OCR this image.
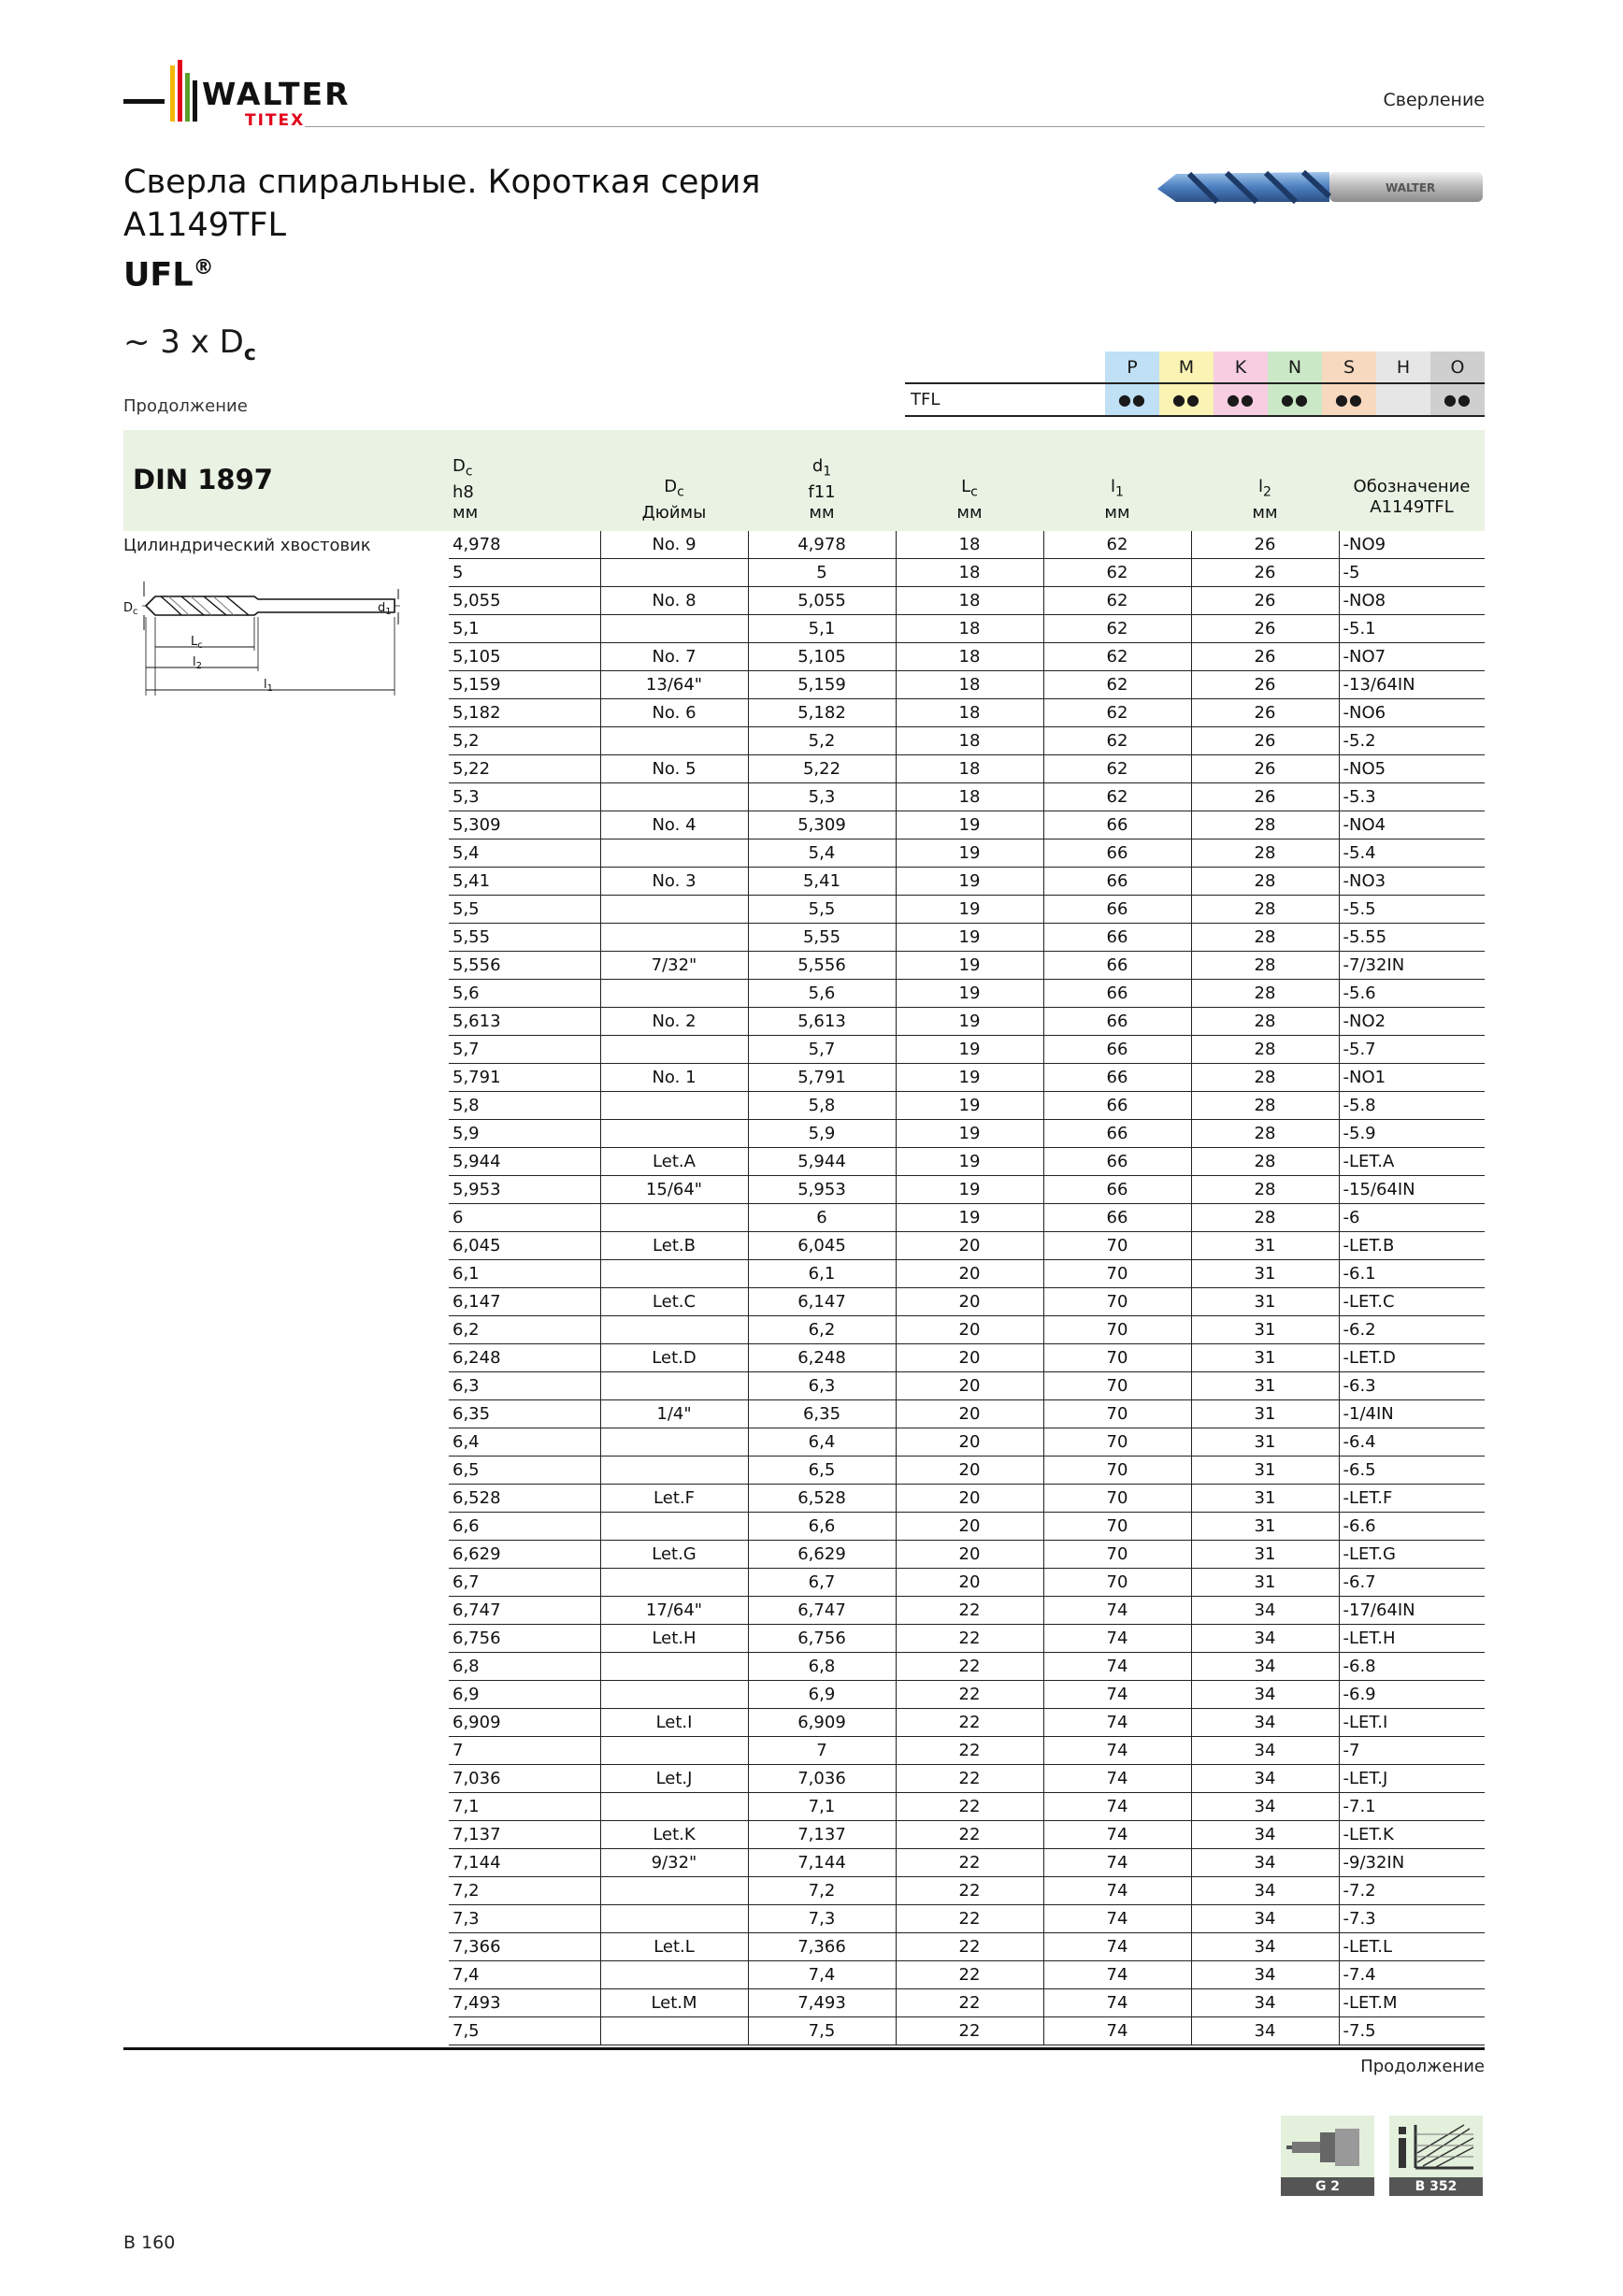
WALTER
TITEX
Сверление
Сверла спиральные. Короткая серия
A1149TFL
UFL®
WALTER
~ 3 x $D_c$
Продолжение
	P	M	K	N	S	H	O
TFL	●●	●●	●●	●●	●●		●●
DIN 1897	$D_c$
h8
мм
$D_c$
Дюймы
$d_1$
f11
мм
$L_c$
мм
$l_1$
мм
$l_2$
мм
Обозначение
A1149TFL
Цилиндрический хвостовик
$D_c$	$d_1$
$L_c$
$l_2$
$l_1$
4,978	No. 9	4,978	18	62	26	-NO9
5		5	18	62	26	-5
5,055	No. 8	5,055	18	62	26	-NO8
5,1		5,1	18	62	26	-5.1
5,105	No. 7	5,105	18	62	26	-NO7
5,159	13/64"	5,159	18	62	26	-13/64IN
5,182	No. 6	5,182	18	62	26	-NO6
5,2		5,2	18	62	26	-5.2
5,22	No. 5	5,22	18	62	26	-NO5
5,3		5,3	18	62	26	-5.3
5,309	No. 4	5,309	19	66	28	-NO4
5,4		5,4	19	66	28	-5.4
5,41	No. 3	5,41	19	66	28	-NO3
5,5		5,5	19	66	28	-5.5
5,55		5,55	19	66	28	-5.55
5,556	7/32"	5,556	19	66	28	-7/32IN
5,6		5,6	19	66	28	-5.6
5,613	No. 2	5,613	19	66	28	-NO2
5,7		5,7	19	66	28	-5.7
5,791	No. 1	5,791	19	66	28	-NO1
5,8		5,8	19	66	28	-5.8
5,9		5,9	19	66	28	-5.9
5,944	Let.A	5,944	19	66	28	-LET.A
5,953	15/64"	5,953	19	66	28	-15/64IN
6		6	19	66	28	-6
6,045	Let.B	6,045	20	70	31	-LET.B
6,1		6,1	20	70	31	-6.1
6,147	Let.C	6,147	20	70	31	-LET.C
6,2		6,2	20	70	31	-6.2
6,248	Let.D	6,248	20	70	31	-LET.D
6,3		6,3	20	70	31	-6.3
6,35	1/4"	6,35	20	70	31	-1/4IN
6,4		6,4	20	70	31	-6.4
6,5		6,5	20	70	31	-6.5
6,528	Let.F	6,528	20	70	31	-LET.F
6,6		6,6	20	70	31	-6.6
6,629	Let.G	6,629	20	70	31	-LET.G
6,7		6,7	20	70	31	-6.7
6,747	17/64"	6,747	22	74	34	-17/64IN
6,756	Let.H	6,756	22	74	34	-LET.H
6,8		6,8	22	74	34	-6.8
6,9		6,9	22	74	34	-6.9
6,909	Let.I	6,909	22	74	34	-LET.I
7		7	22	74	34	-7
7,036	Let.J	7,036	22	74	34	-LET.J
7,1		7,1	22	74	34	-7.1
7,137	Let.K	7,137	22	74	34	-LET.K
7,144	9/32"	7,144	22	74	34	-9/32IN
7,2		7,2	22	74	34	-7.2
7,3		7,3	22	74	34	-7.3
7,366	Let.L	7,366	22	74	34	-LET.L
7,4		7,4	22	74	34	-7.4
7,493	Let.M	7,493	22	74	34	-LET.M
7,5		7,5	22	74	34	-7.5
Продолжение
G 2	B 352
B 160
